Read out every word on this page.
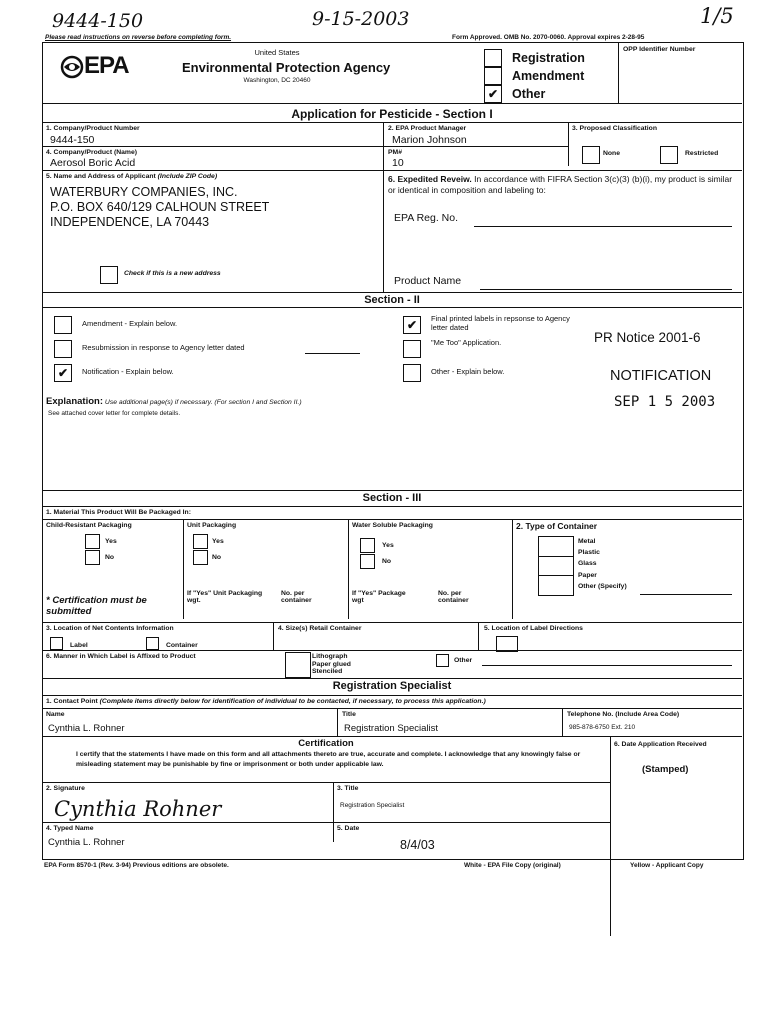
9444-150	9-15-2003	1/5
Please read instructions on reverse before completing form.	Form Approved. OMB No. 2070-0060. Approval expires 2-28-95
EPA	United States
Environmental Protection Agency
Washington, DC 20460
Registration
Amendment
✔	Other
OPP Identifier Number
Application for Pesticide - Section I
1. Company/Product Number
9444-150
2. EPA Product Manager
Marion Johnson
3. Proposed Classification
None	Restricted
4. Company/Product (Name)
Aerosol Boric Acid
PM#
10
5. Name and Address of Applicant (Include ZIP Code)
WATERBURY COMPANIES, INC.
P.O. BOX 640/129 CALHOUN STREET
INDEPENDENCE, LA 70443
Check if this is a new address
6. Expedited Reveiw. In accordance with FIFRA Section 3(c)(3) (b)(i), my product is similar or identical in composition and labeling to:
EPA Reg. No.
Product Name
Section - II
Amendment - Explain below.
Resubmission in response to Agency letter dated
✔	Notification - Explain below.
✔	Final printed labels in repsonse to Agency letter dated
"Me Too" Application.
Other - Explain below.
PR Notice 2001-6
NOTIFICATION
SEP 1 5 2003
Explanation: Use additional page(s) if necessary. (For section I and Section II.)
See attached cover letter for complete details.
Section - III
1. Material This Product Will Be Packaged In:
Child-Resistant Packaging
Yes
No
* Certification must be submitted
Unit Packaging
Yes
No
If "Yes" Unit Packaging wgt.
No. per container
Water Soluble Packaging
Yes
No
If "Yes" Package wgt
No. per container
2. Type of Container
Metal
Plastic
Glass
Paper
Other (Specify)
3. Location of Net Contents Information
Label	Container
4. Size(s) Retail Container	5. Location of Label Directions
6. Manner in Which Label is Affixed to Product	Lithograph
Paper glued
Stenciled
Other
Registration Specialist
1. Contact Point (Complete items directly below for identification of individual to be contacted, if necessary, to process this application.)
Name
Cynthia L. Rohner
Title
Registration Specialist
Telephone No. (Include Area Code)
985-878-6750 Ext. 210
Certification
I certify that the statements I have made on this form and all attachments thereto are true, accurate and complete. I acknowledge that any knowingly false or misleading statement may be punishable by fine or imprisonment or both under applicable law.
6. Date Application Received
(Stamped)
2. Signature
Cynthia Rohner
3. Title
Registration Specialist
4. Typed Name
Cynthia L. Rohner
5. Date
8/4/03
EPA Form 8570-1 (Rev. 3-94) Previous editions are obsolete.	White - EPA File Copy (original)	Yellow - Applicant Copy
